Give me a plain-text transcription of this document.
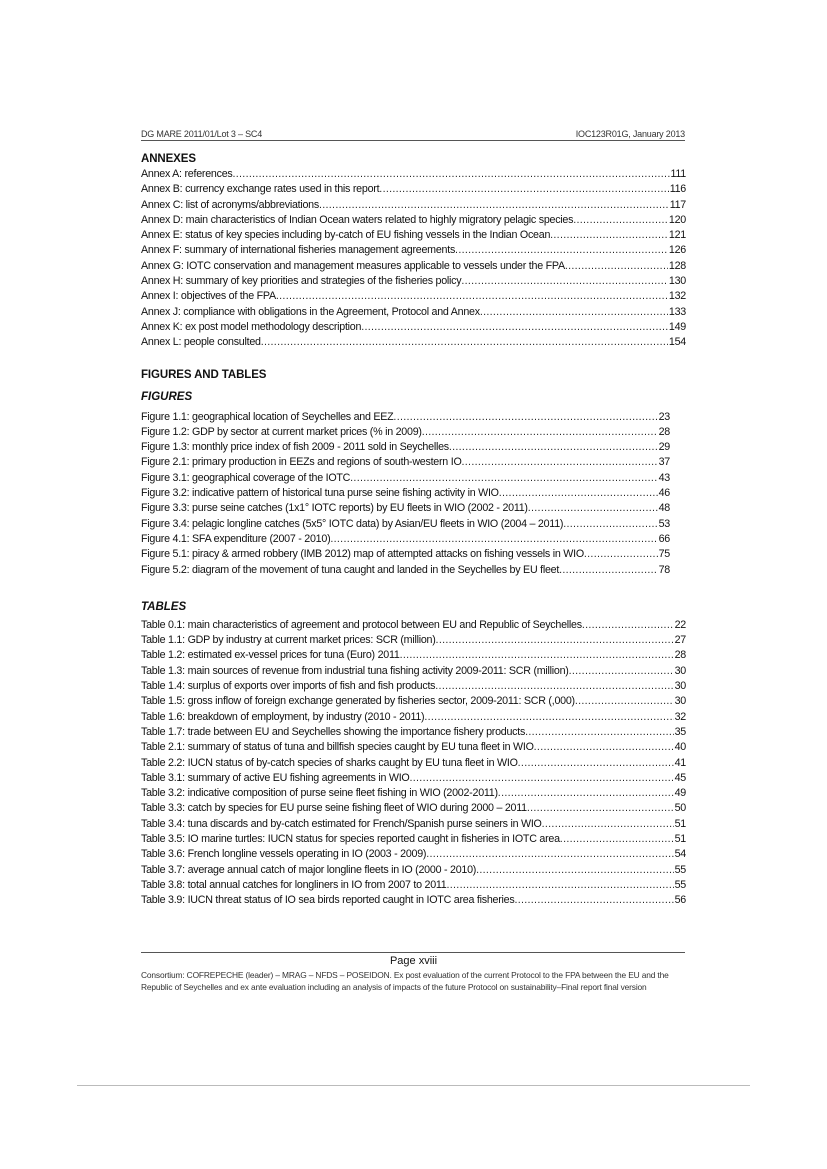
DG MARE 2011/01/Lot 3 – SC4	IOC123R01G, January 2013
ANNEXES
Annex A: references .....	111
Annex B: currency exchange rates used in this report .....	116
Annex C: list of acronyms/abbreviations .....	117
Annex D: main characteristics of Indian Ocean waters related to highly migratory pelagic species .....	120
Annex E: status of key species including by-catch of EU fishing vessels in the Indian Ocean .....	121
Annex F: summary of international fisheries management agreements .....	126
Annex G: IOTC conservation and management measures applicable to vessels under the FPA .....	128
Annex H: summary of key priorities and strategies of the fisheries policy .....	130
Annex I: objectives of the FPA .....	132
Annex J: compliance with obligations in the Agreement, Protocol and Annex .....	133
Annex K: ex post model methodology description .....	149
Annex L: people consulted .....	154
FIGURES AND TABLES
FIGURES
Figure 1.1: geographical location of Seychelles and EEZ .....	23
Figure 1.2: GDP by sector at current market prices (% in 2009) .....	28
Figure 1.3: monthly price index of fish 2009 - 2011 sold in Seychelles .....	29
Figure 2.1: primary production in EEZs and regions of south-western IO .....	37
Figure 3.1: geographical coverage of the IOTC .....	43
Figure 3.2: indicative pattern of historical tuna purse seine fishing activity in WIO .....	46
Figure 3.3: purse seine catches (1x1° IOTC reports) by EU fleets in WIO (2002 - 2011) .....	48
Figure 3.4: pelagic longline catches (5x5° IOTC data) by Asian/EU fleets in WIO (2004 – 2011) .....	53
Figure 4.1: SFA expenditure (2007 - 2010) .....	66
Figure 5.1: piracy & armed robbery (IMB 2012) map of attempted attacks on fishing vessels in WIO .....	75
Figure 5.2: diagram of the movement of tuna caught and landed in the Seychelles by EU fleet .....	78
TABLES
Table 0.1: main characteristics of agreement and protocol between EU and Republic of Seychelles .....	22
Table 1.1: GDP by industry at current market prices: SCR (million) .....	27
Table 1.2: estimated ex-vessel prices for tuna (Euro) 2011 .....	28
Table 1.3: main sources of revenue from industrial tuna fishing activity 2009-2011: SCR (million) .....	30
Table 1.4: surplus of exports over imports of fish and fish products .....	30
Table 1.5: gross inflow of foreign exchange generated by fisheries sector, 2009-2011: SCR (,000) .....	30
Table 1.6: breakdown of employment, by industry (2010 - 2011) .....	32
Table 1.7: trade between EU and Seychelles showing the importance fishery products .....	35
Table 2.1: summary of status of tuna and billfish species caught by EU tuna fleet in WIO .....	40
Table 2.2: IUCN status of by-catch species of sharks caught by EU tuna fleet in WIO .....	41
Table 3.1: summary of active EU fishing agreements in WIO .....	45
Table 3.2: indicative composition of purse seine fleet fishing in WIO (2002-2011) .....	49
Table 3.3: catch by species for EU purse seine fishing fleet of WIO during 2000 – 2011 .....	50
Table 3.4: tuna discards and by-catch estimated for French/Spanish purse seiners in WIO .....	51
Table 3.5: IO marine turtles: IUCN status for species reported caught in fisheries in IOTC area .....	51
Table 3.6: French longline vessels operating in IO (2003 - 2009) .....	54
Table 3.7: average annual catch of major longline fleets in IO (2000 - 2010) .....	55
Table 3.8: total annual catches for longliners in IO from 2007 to 2011 .....	55
Table 3.9: IUCN threat status of IO sea birds reported caught in IOTC area fisheries .....	56
Page xviii
Consortium: COFREPECHE (leader) – MRAG – NFDS – POSEIDON. Ex post evaluation of the current Protocol to the FPA between the EU and the Republic of Seychelles and ex ante evaluation including an analysis of impacts of the future Protocol on sustainability–Final report final version
